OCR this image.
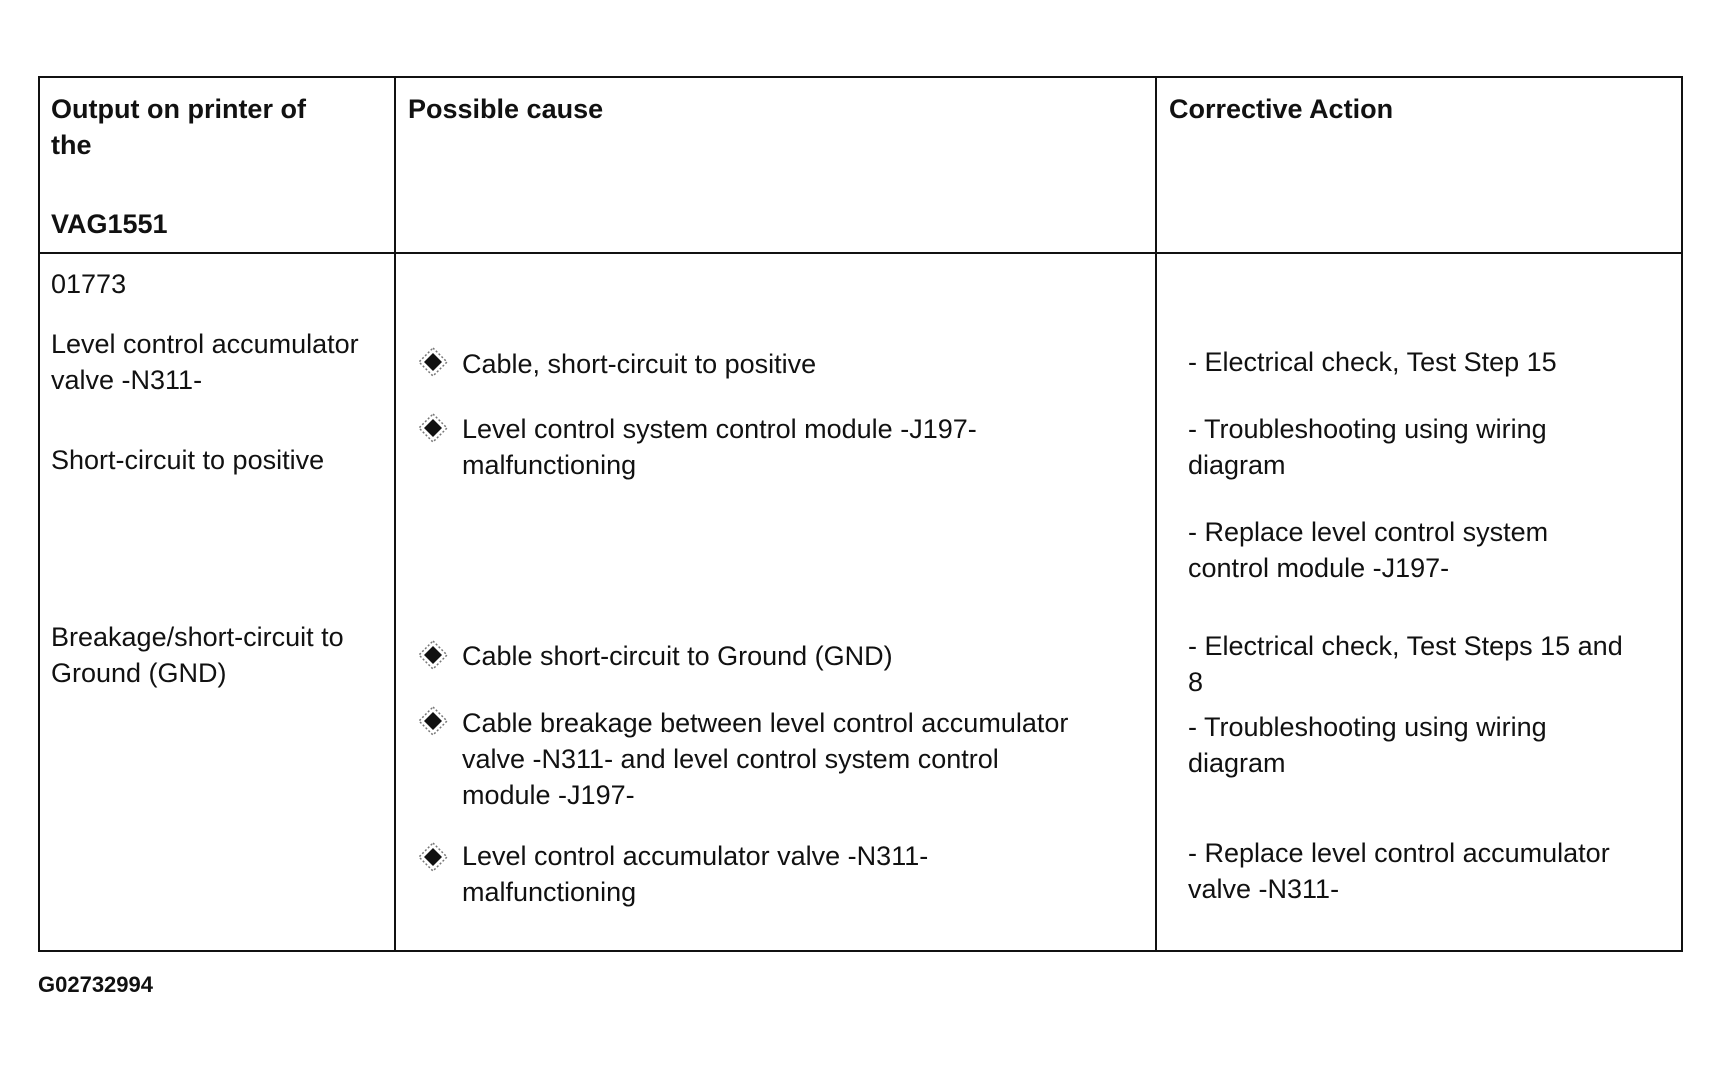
Output on printer of

the

VAG1551

Possible cause	Corrective Action

01773

Level control accumulator

valve -N311-

Short-circuit to positive

Breakage/short-circuit to

Ground (GND)

Cable, short-circuit to positive

Level control system control module -J197-

malfunctioning

Cable short-circuit to Ground (GND)

Cable breakage between level control accumulator

valve -N311- and level control system control

module -J197-

Level control accumulator valve -N311-

malfunctioning

- Electrical check, Test Step 15

- Troubleshooting using wiring

diagram

- Replace level control system

control module -J197-

- Electrical check, Test Steps 15 and

8

- Troubleshooting using wiring

diagram

- Replace level control accumulator

valve -N311-

G02732994
